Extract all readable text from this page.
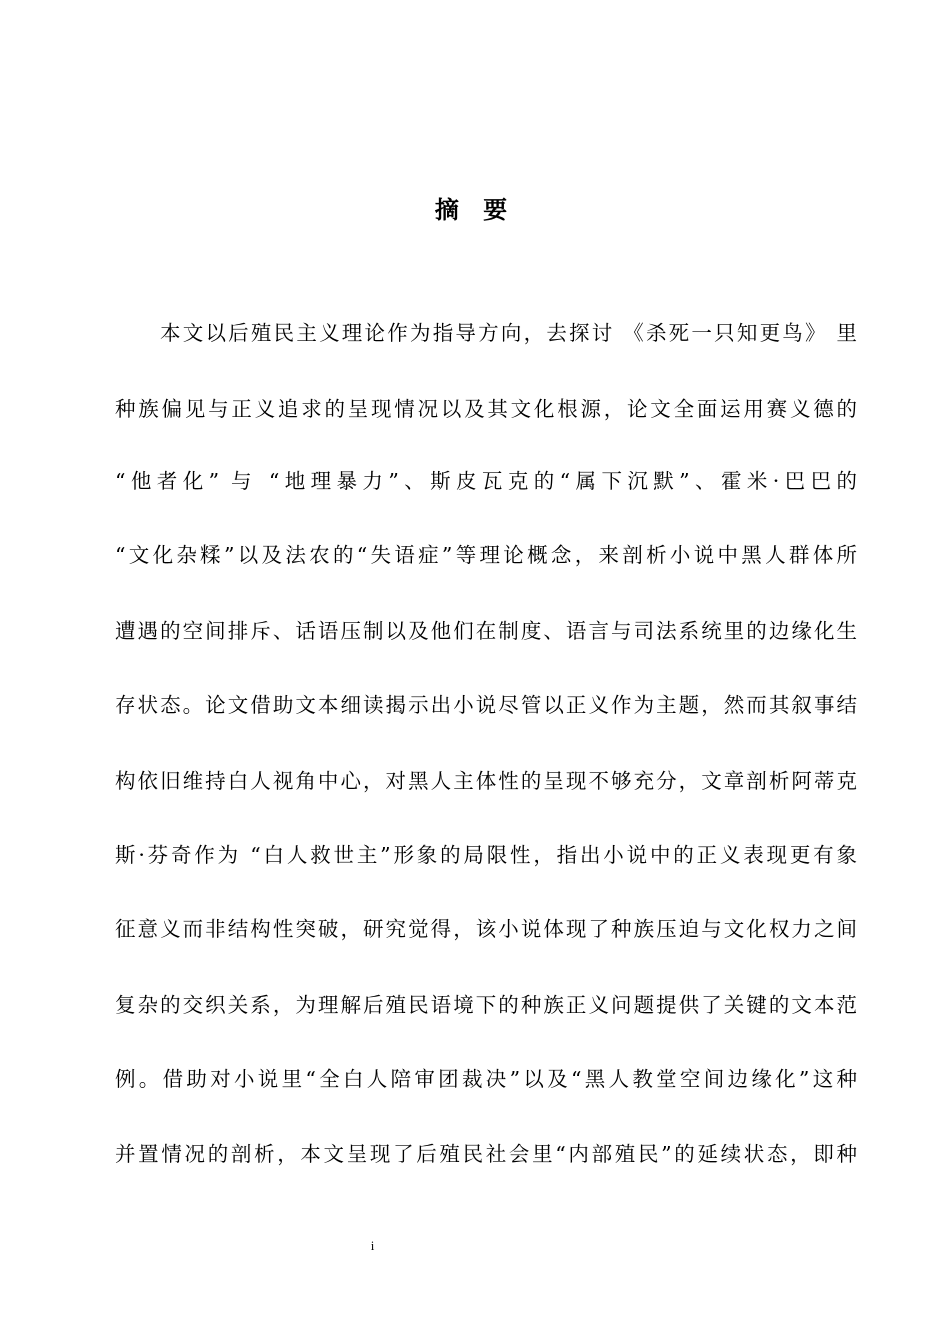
摘 要
本文以后殖民主义理论作为指导方向，去探讨 《杀死一只知更鸟》 里
种族偏见与正义追求的呈现情况以及其文化根源，论文全面运用赛义德的
“他者化” 与 “地理暴力”、斯皮瓦克的“属下沉默”、霍米·巴巴的
“文化杂糅”以及法农的“失语症”等理论概念，来剖析小说中黑人群体所
遭遇的空间排斥、话语压制以及他们在制度、语言与司法系统里的边缘化生
存状态。论文借助文本细读揭示出小说尽管以正义作为主题，然而其叙事结
构依旧维持白人视角中心，对黑人主体性的呈现不够充分，文章剖析阿蒂克
斯·芬奇作为 “白人救世主”形象的局限性，指出小说中的正义表现更有象
征意义而非结构性突破，研究觉得，该小说体现了种族压迫与文化权力之间
复杂的交织关系，为理解后殖民语境下的种族正义问题提供了关键的文本范
例。借助对小说里“全白人陪审团裁决”以及“黑人教堂空间边缘化”这种
并置情况的剖析，本文呈现了后殖民社会里“内部殖民”的延续状态，即种
i
